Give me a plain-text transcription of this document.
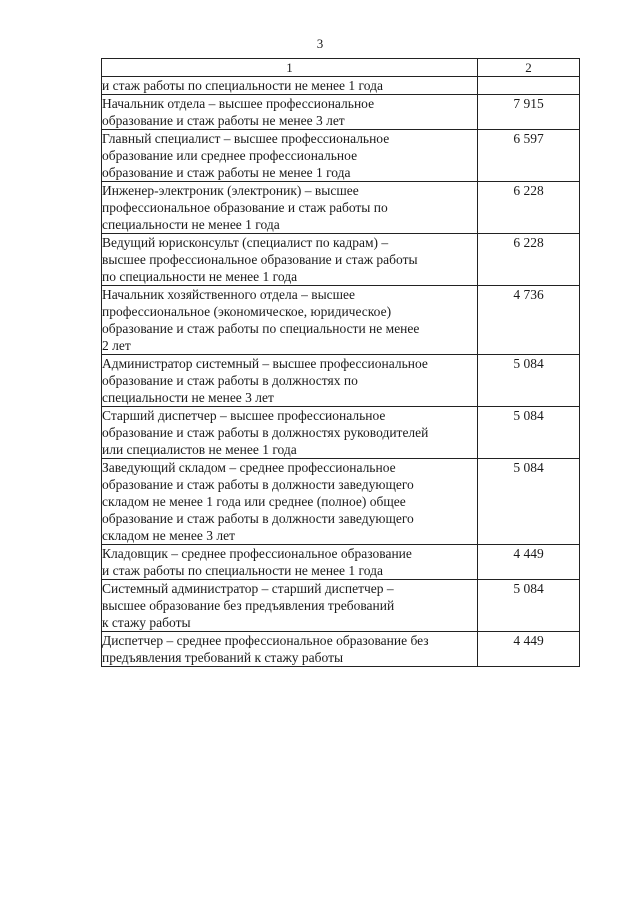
3
1	2
и стаж работы по специальности не менее 1 года	
Начальник отдела – высшее профессиональное
образование и стаж работы не менее 3 лет	7 915
Главный специалист – высшее профессиональное
образование или среднее профессиональное
образование и стаж работы не менее 1 года	6 597
Инженер-электроник (электроник) – высшее
профессиональное образование и стаж работы по
специальности не менее 1 года	6 228
Ведущий юрисконсульт (специалист по кадрам) –
высшее профессиональное образование и стаж работы
по специальности не менее 1 года	6 228
Начальник хозяйственного отдела – высшее
профессиональное (экономическое, юридическое)
образование и стаж работы по специальности не менее
2 лет	4 736
Администратор системный – высшее профессиональное
образование и стаж работы в должностях по
специальности не менее 3 лет	5 084
Старший диспетчер – высшее профессиональное
образование и стаж работы в должностях руководителей
или специалистов не менее 1 года	5 084
Заведующий складом – среднее профессиональное
образование и стаж работы в должности заведующего
складом не менее 1 года или среднее (полное) общее
образование и стаж работы в должности заведующего
складом не менее 3 лет	5 084
Кладовщик – среднее профессиональное образование
и стаж работы по специальности не менее 1 года	4 449
Системный администратор – старший диспетчер –
высшее образование без предъявления требований
к стажу работы	5 084
Диспетчер – среднее профессиональное образование без
предъявления требований к стажу работы	4 449
